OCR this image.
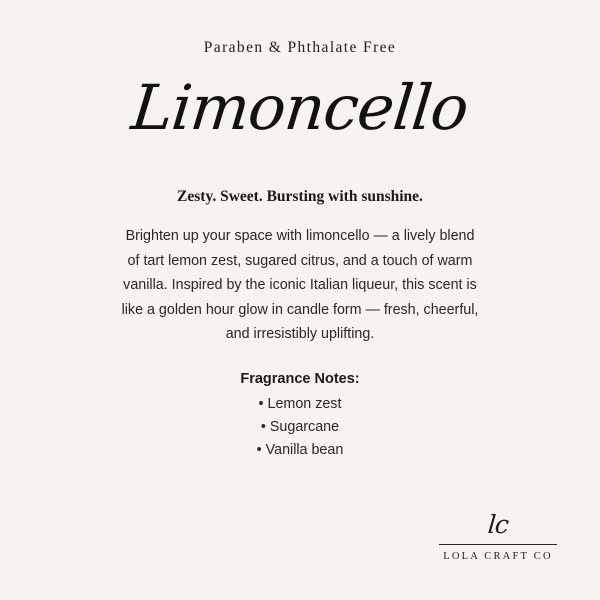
Paraben & Phthalate Free
Limoncello
Zesty. Sweet. Bursting with sunshine.
Brighten up your space with limoncello — a lively blend of tart lemon zest, sugared citrus, and a touch of warm vanilla. Inspired by the iconic Italian liqueur, this scent is like a golden hour glow in candle form — fresh, cheerful, and irresistibly uplifting.
Fragrance Notes:
• Lemon zest
• Sugarcane
• Vanilla bean
lc
LOLA CRAFT CO
